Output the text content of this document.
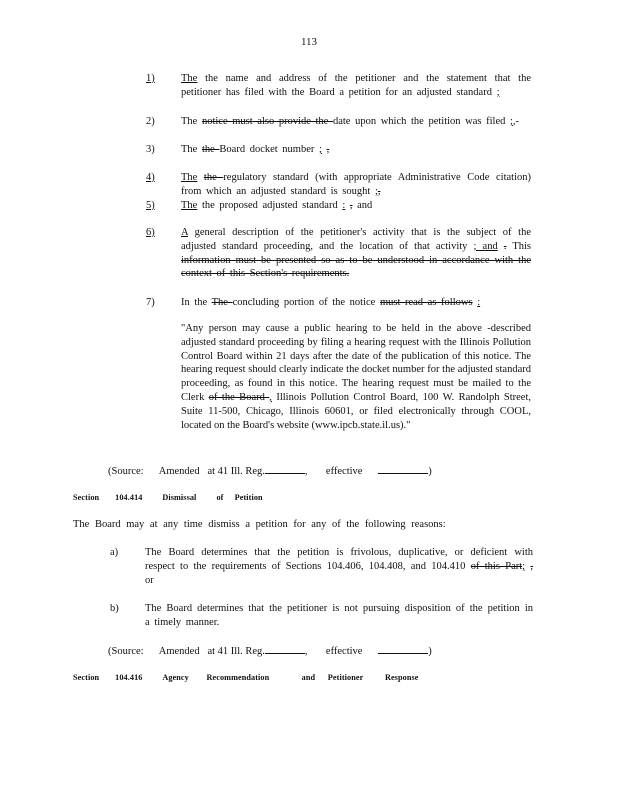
113
1)	The the name and address of the petitioner and the statement that the petitioner has filed with the Board a petition for an adjusted standard ;
2)	The notice must also provide the date upon which the petition was filed ;,-
3)	The the Board docket number ; ,
4)	The the regulatory standard (with appropriate Administrative Code citation) from which an adjusted standard is sought ;,
5)	The the proposed adjusted standard : , and
6)	A general description of the petitioner's activity that is the subject of the adjusted standard proceeding, and the location of that activity ; and . This information must be presented so as to be understood in accordance with the context of this Section's requirements.
7)	In the The concluding portion of the notice must read as follows :
"Any person may cause a public hearing to be held in the above -described adjusted standard proceeding by filing a hearing request with the Illinois Pollution Control Board within 21 days after the date of the publication of this notice. The hearing request should clearly indicate the docket number for the adjusted standard proceeding, as found in this notice. The hearing request must be mailed to the Clerk of the Board , Illinois Pollution Control Board, 100 W. Randolph Street, Suite 11-500, Chicago, Illinois 60601, or filed electronically through COOL, located on the Board's website (www.ipcb.state.il.us)."
(Source: Amended at 41 Ill. Reg.	,       effective	)
Section 104.414 Dismissal of Petition
The Board may at any time dismiss a petition for any of the following reasons:
a)	The Board determines that the petition is frivolous, duplicative, or deficient with respect to the requirements of Sections 104.406, 104.408, and 104.410 of this Part; , or
b)	The Board determines that the petitioner is not pursuing disposition of the petition in a timely manner.
(Source: Amended at 41 Ill. Reg.	,       effective	)
Section 104.416 Agency Recommendation	and Petitioner	Response
